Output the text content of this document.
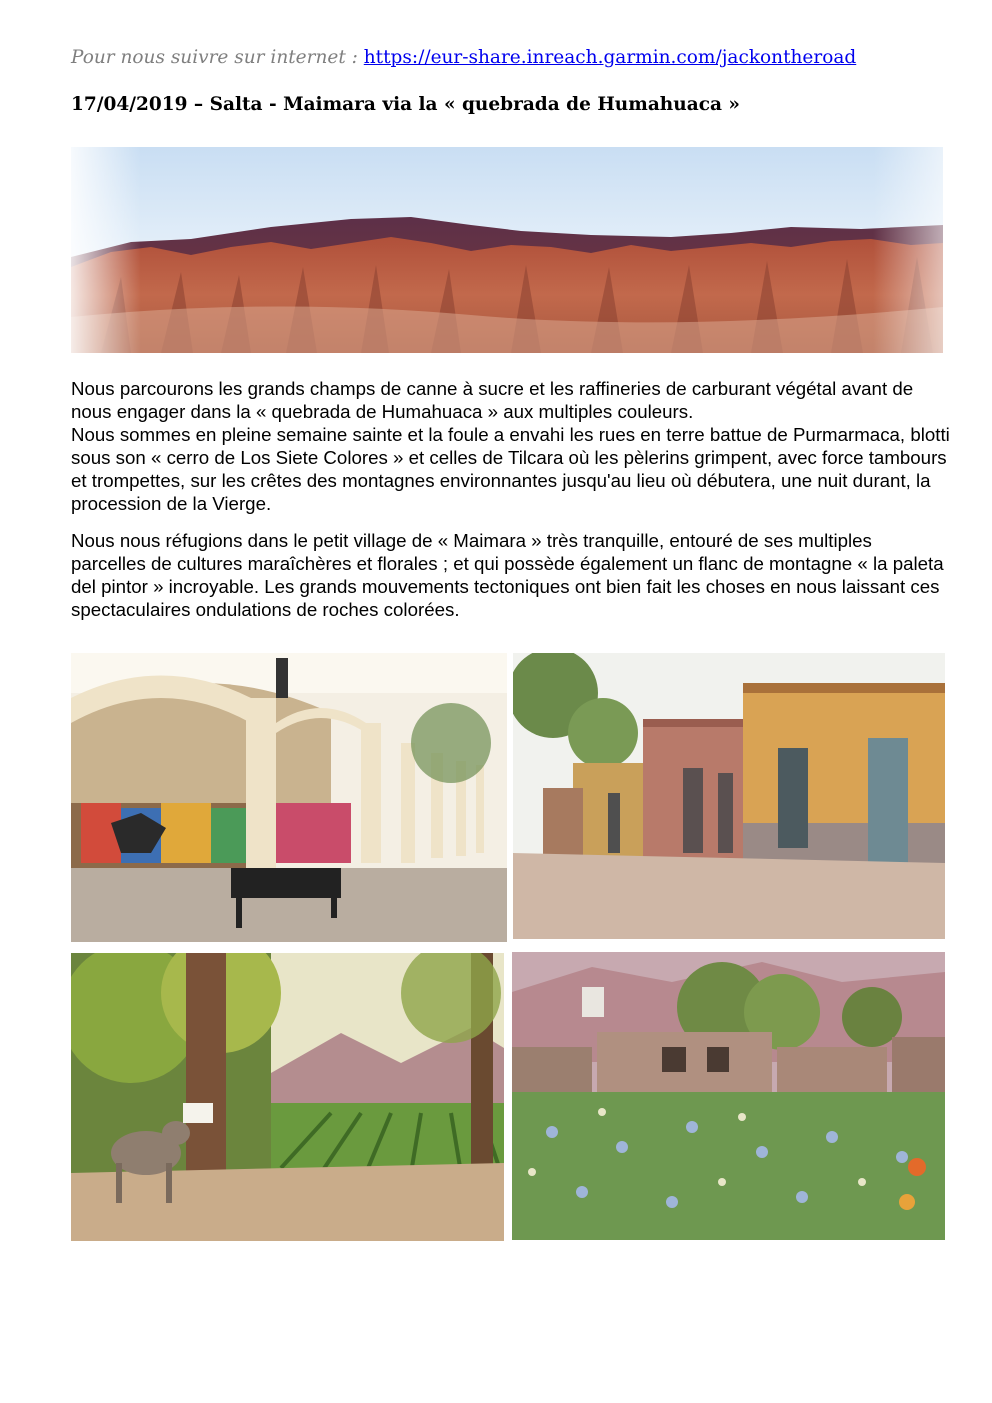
Pour nous suivre sur internet : https://eur-share.inreach.garmin.com/jackontheroad
17/04/2019 – Salta - Maimara via la « quebrada de Humahuaca »

Nous parcourons les grands champs de canne à sucre et les raffineries de carburant végétal avant de nous engager dans la « quebrada de Humahuaca » aux multiples couleurs.

Nous sommes en pleine semaine sainte et la foule a envahi les rues en terre battue de Purmarmaca, blotti sous son « cerro de Los Siete Colores » et celles de Tilcara où les pèlerins grimpent, avec force tambours et trompettes, sur les crêtes des montagnes environnantes jusqu'au lieu où débutera, une nuit durant, la procession de la Vierge.

Nous nous réfugions dans le petit village de « Maimara » très tranquille, entouré de ses multiples parcelles de cultures maraîchères et florales ; et qui possède également un flanc de montagne « la paleta del pintor » incroyable. Les grands mouvements tectoniques ont bien fait les choses en nous laissant ces spectaculaires ondulations de roches colorées.
